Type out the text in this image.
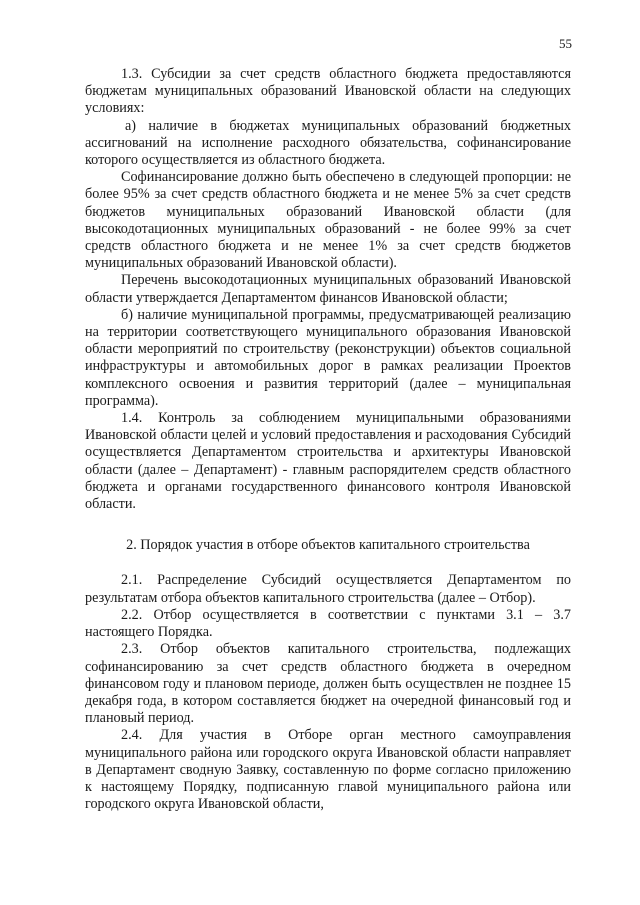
55

1.3. Субсидии за счет средств областного бюджета предоставляются бюджетам муниципальных образований Ивановской области на следующих условиях:

а) наличие в бюджетах муниципальных образований бюджетных ассигнований на исполнение расходного обязательства, софинансирование которого осуществляется из областного бюджета.

Софинансирование должно быть обеспечено в следующей пропорции: не более 95% за счет средств областного бюджета и не менее 5% за счет средств бюджетов муниципальных образований Ивановской области (для высокодотационных муниципальных образований - не более 99% за счет средств областного бюджета и не менее 1% за счет средств бюджетов муниципальных образований Ивановской области).

Перечень высокодотационных муниципальных образований Ивановской области утверждается Департаментом финансов Ивановской области;

б) наличие муниципальной программы, предусматривающей реализацию на территории соответствующего муниципального образования Ивановской области мероприятий по строительству (реконструкции) объектов социальной инфраструктуры и автомобильных дорог в рамках реализации Проектов комплексного освоения и развития территорий (далее – муниципальная программа).

1.4. Контроль за соблюдением муниципальными образованиями Ивановской области целей и условий предоставления и расходования Субсидий осуществляется Департаментом строительства и архитектуры Ивановской области (далее – Департамент) - главным распорядителем средств областного бюджета и органами государственного финансового контроля Ивановской области.

2. Порядок участия в отборе объектов капитального строительства

2.1. Распределение Субсидий осуществляется Департаментом по результатам отбора объектов капитального строительства (далее – Отбор).

2.2. Отбор осуществляется в соответствии с пунктами 3.1 – 3.7 настоящего Порядка.

2.3. Отбор объектов капитального строительства, подлежащих софинансированию за счет средств областного бюджета в очередном финансовом году и плановом периоде, должен быть осуществлен не позднее 15 декабря года, в котором составляется бюджет на очередной финансовый год и плановый период.

2.4. Для участия в Отборе орган местного самоуправления муниципального района или городского округа Ивановской области направляет в Департамент сводную Заявку, составленную по форме согласно приложению к настоящему Порядку, подписанную главой муниципального района или городского округа Ивановской области,
